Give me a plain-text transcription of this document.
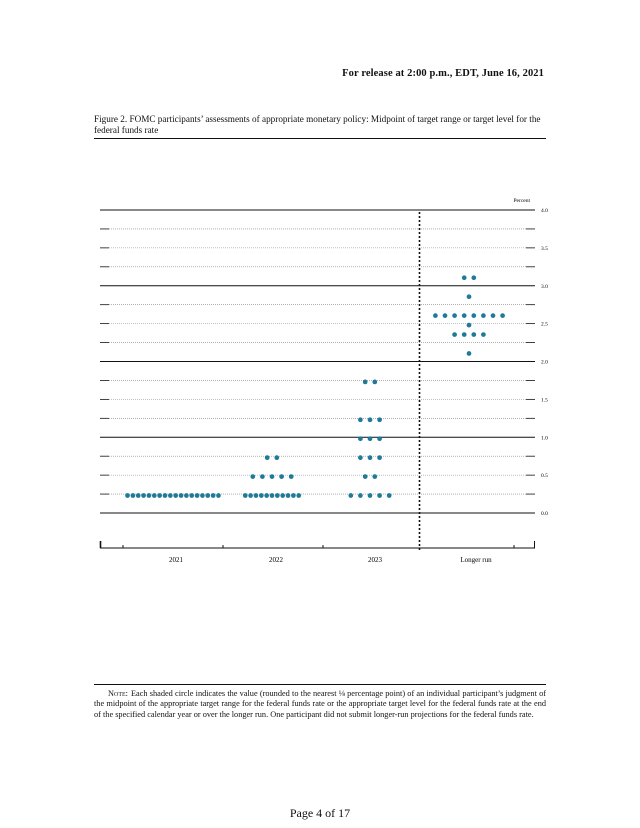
For release at 2:00 p.m., EDT, June 16, 2021
Figure 2. FOMC participants’ assessments of appropriate monetary policy: Midpoint of target range or target level for the federal funds rate
4.0
3.5
3.0
2.5
2.0
1.5
1.0
0.5
0.0
Percent
2021	2022	2023	Longer run
Note: Each shaded circle indicates the value (rounded to the nearest ⅛ percentage point) of an individual participant’s judgment of the midpoint of the appropriate target range for the federal funds rate or the appropriate target level for the federal funds rate at the end of the specified calendar year or over the longer run. One participant did not submit longer-run projections for the federal funds rate.
Page 4 of 17
